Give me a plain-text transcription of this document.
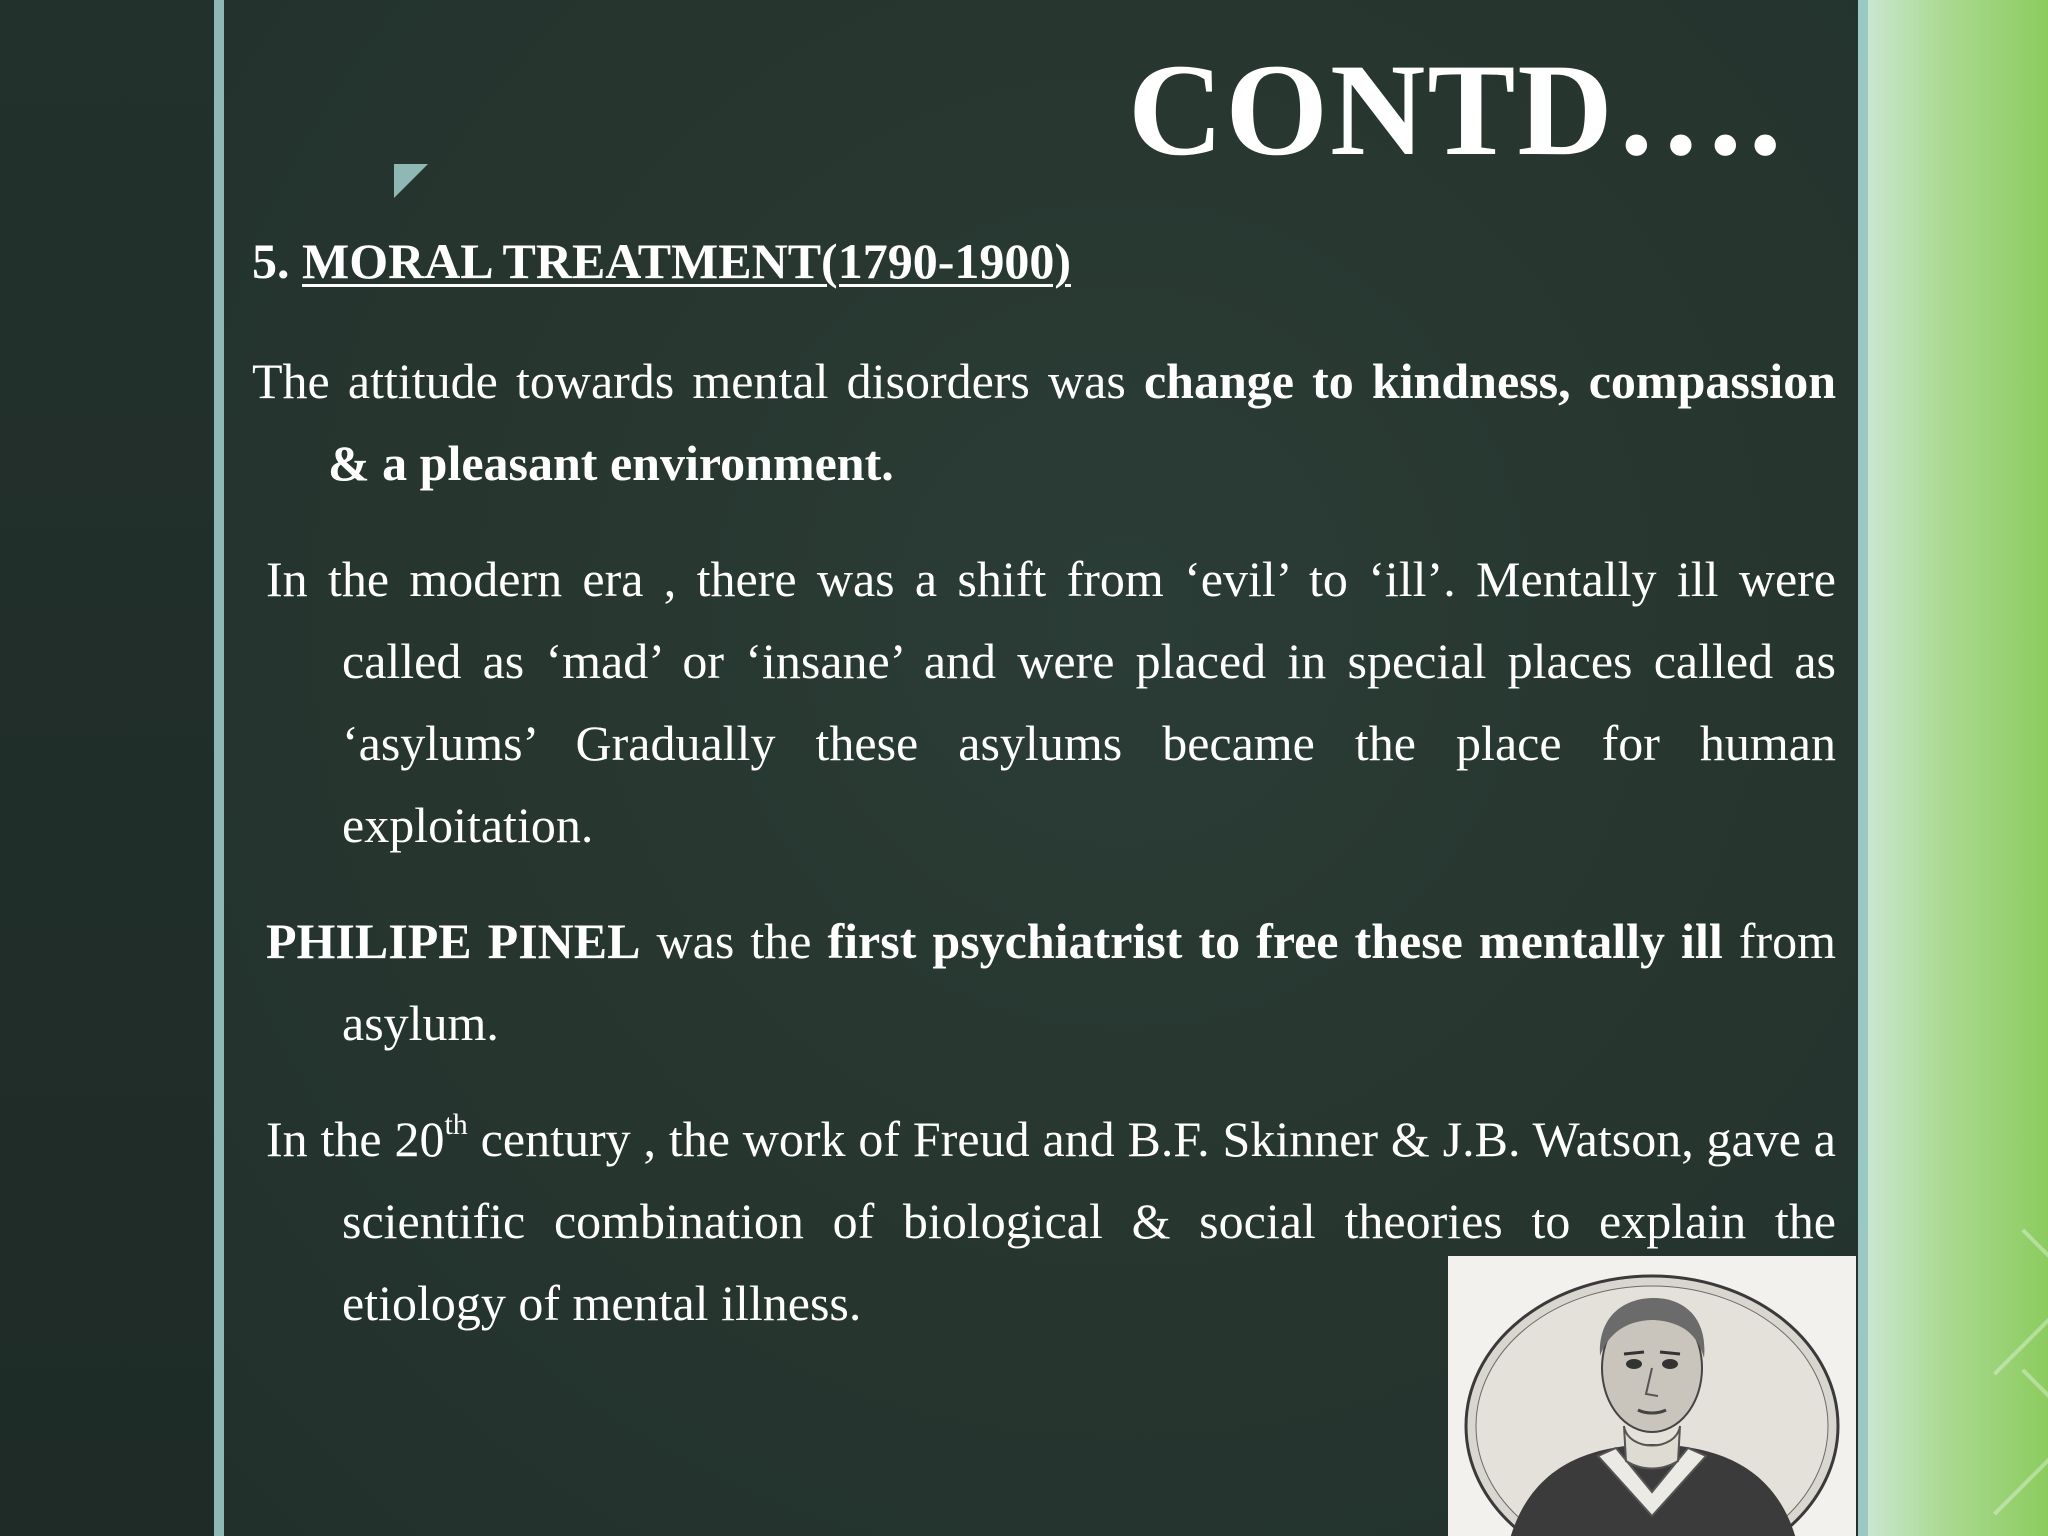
CONTD….

5. MORAL TREATMENT(1790-1900)

The attitude towards mental disorders was change to kindness, compassion & a pleasant environment.

In the modern era , there was a shift from ‘evil’ to ‘ill’. Mentally ill were called as ‘mad’ or ‘insane’ and were placed in special places called as ‘asylums’ Gradually these asylums became the place for human exploitation.

PHILIPE PINEL was the first psychiatrist to free these mentally ill from asylum.

In the 20th century , the work of Freud and B.F. Skinner & J.B. Watson, gave a scientific combination of biological & social theories to explain the etiology of mental illness.
